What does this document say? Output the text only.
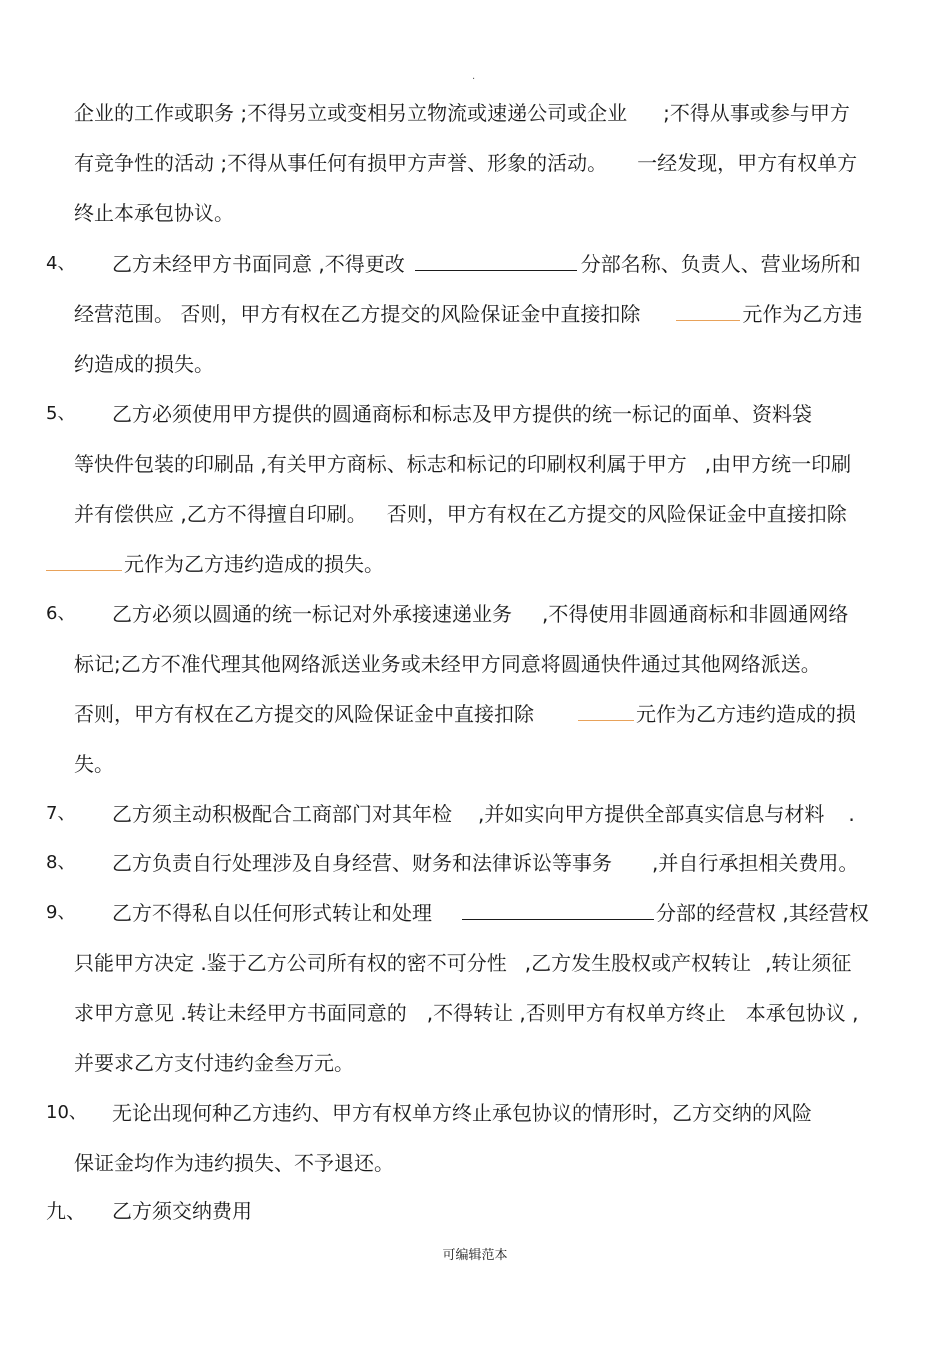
.
企业的工作或职务 ;不得另立或变相另立物流或速递公司或企业 ;不得从事或参与甲方
有竞争性的活动 ;不得从事任何有损甲方声誉、形象的活动。 一经发现，甲方有权单方
终止本承包协议。
4、 乙方未经甲方书面同意 ,不得更改	分部名称、负责人、营业场所和
经营范围。 否则，甲方有权在乙方提交的风险保证金中直接扣除	元作为乙方违
约造成的损失。
5、 乙方必须使用甲方提供的圆通商标和标志及甲方提供的统一标记的面单、资料袋
等快件包装的印刷品 ,有关甲方商标、标志和标记的印刷权利属于甲方 ,由甲方统一印刷
并有偿供应 ,乙方不得擅自印刷。 否则，甲方有权在乙方提交的风险保证金中直接扣除
元作为乙方违约造成的损失。
6、 乙方必须以圆通的统一标记对外承接速递业务 ,不得使用非圆通商标和非圆通网络
标记;乙方不准代理其他网络派送业务或未经甲方同意将圆通快件通过其他网络派送。
否则，甲方有权在乙方提交的风险保证金中直接扣除	元作为乙方违约造成的损
失。
7、 乙方须主动积极配合工商部门对其年检 ,并如实向甲方提供全部真实信息与材料 .
8、 乙方负责自行处理涉及自身经营、财务和法律诉讼等事务 ,并自行承担相关费用。
9、 乙方不得私自以任何形式转让和处理	分部的经营权 ,其经营权
只能甲方决定 .鉴于乙方公司所有权的密不可分性 ,乙方发生股权或产权转让 ,转让须征
求甲方意见 .转让未经甲方书面同意的 ,不得转让 ,否则甲方有权单方终止 本承包协议 ,
并要求乙方支付违约金叁万元。
10、 无论出现何种乙方违约、甲方有权单方终止承包协议的情形时，乙方交纳的风险
保证金均作为违约损失、不予退还。
九、 乙方须交纳费用
可编辑范本
